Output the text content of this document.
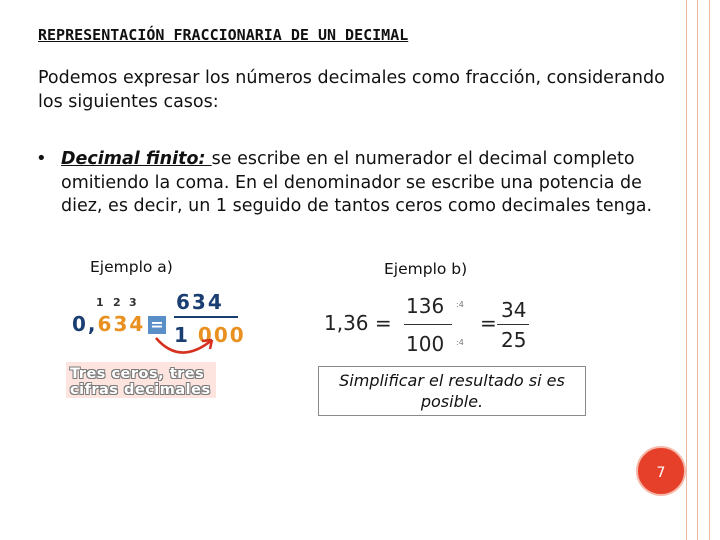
REPRESENTACIÓN FRACCIONARIA DE UN DECIMAL
Podemos expresar los números decimales como fracción, considerando los siguientes casos:
• Decimal finito: se escribe en el numerador el decimal completo omitiendo la coma. En el denominador se escribe una potencia de diez, es decir, un 1 seguido de tantos ceros como decimales tenga.
Ejemplo a)
1 2 3
0,634 =
634
1 000
Tres ceros, tres
cifras decimales
Ejemplo b)
1,36 =
136
100
:4
:4
=
34
25
Simplificar el resultado si es posible.
7
